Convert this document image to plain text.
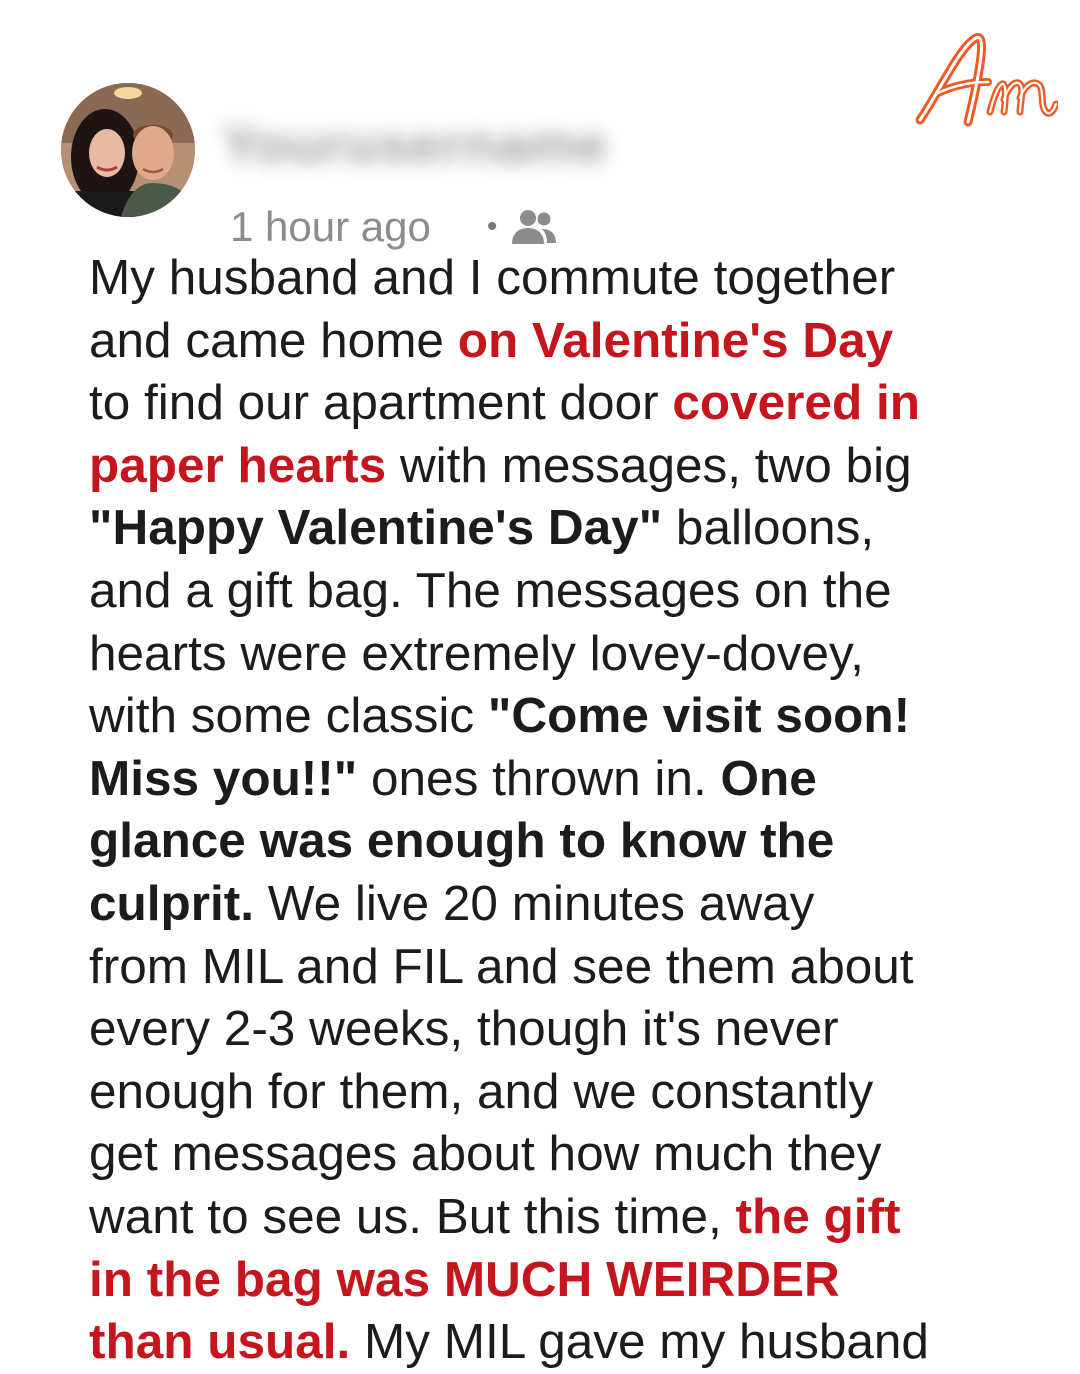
Yourusername
1 hour ago •

My husband and I commute together
and came home on Valentine's Day
to find our apartment door covered in
paper hearts with messages, two big
"Happy Valentine's Day" balloons,
and a gift bag. The messages on the
hearts were extremely lovey-dovey,
with some classic "Come visit soon!
Miss you!!" ones thrown in. One
glance was enough to know the
culprit. We live 20 minutes away
from MIL and FIL and see them about
every 2-3 weeks, though it's never
enough for them, and we constantly
get messages about how much they
want to see us. But this time, the gift
in the bag was MUCH WEIRDER
than usual. My MIL gave my husband
